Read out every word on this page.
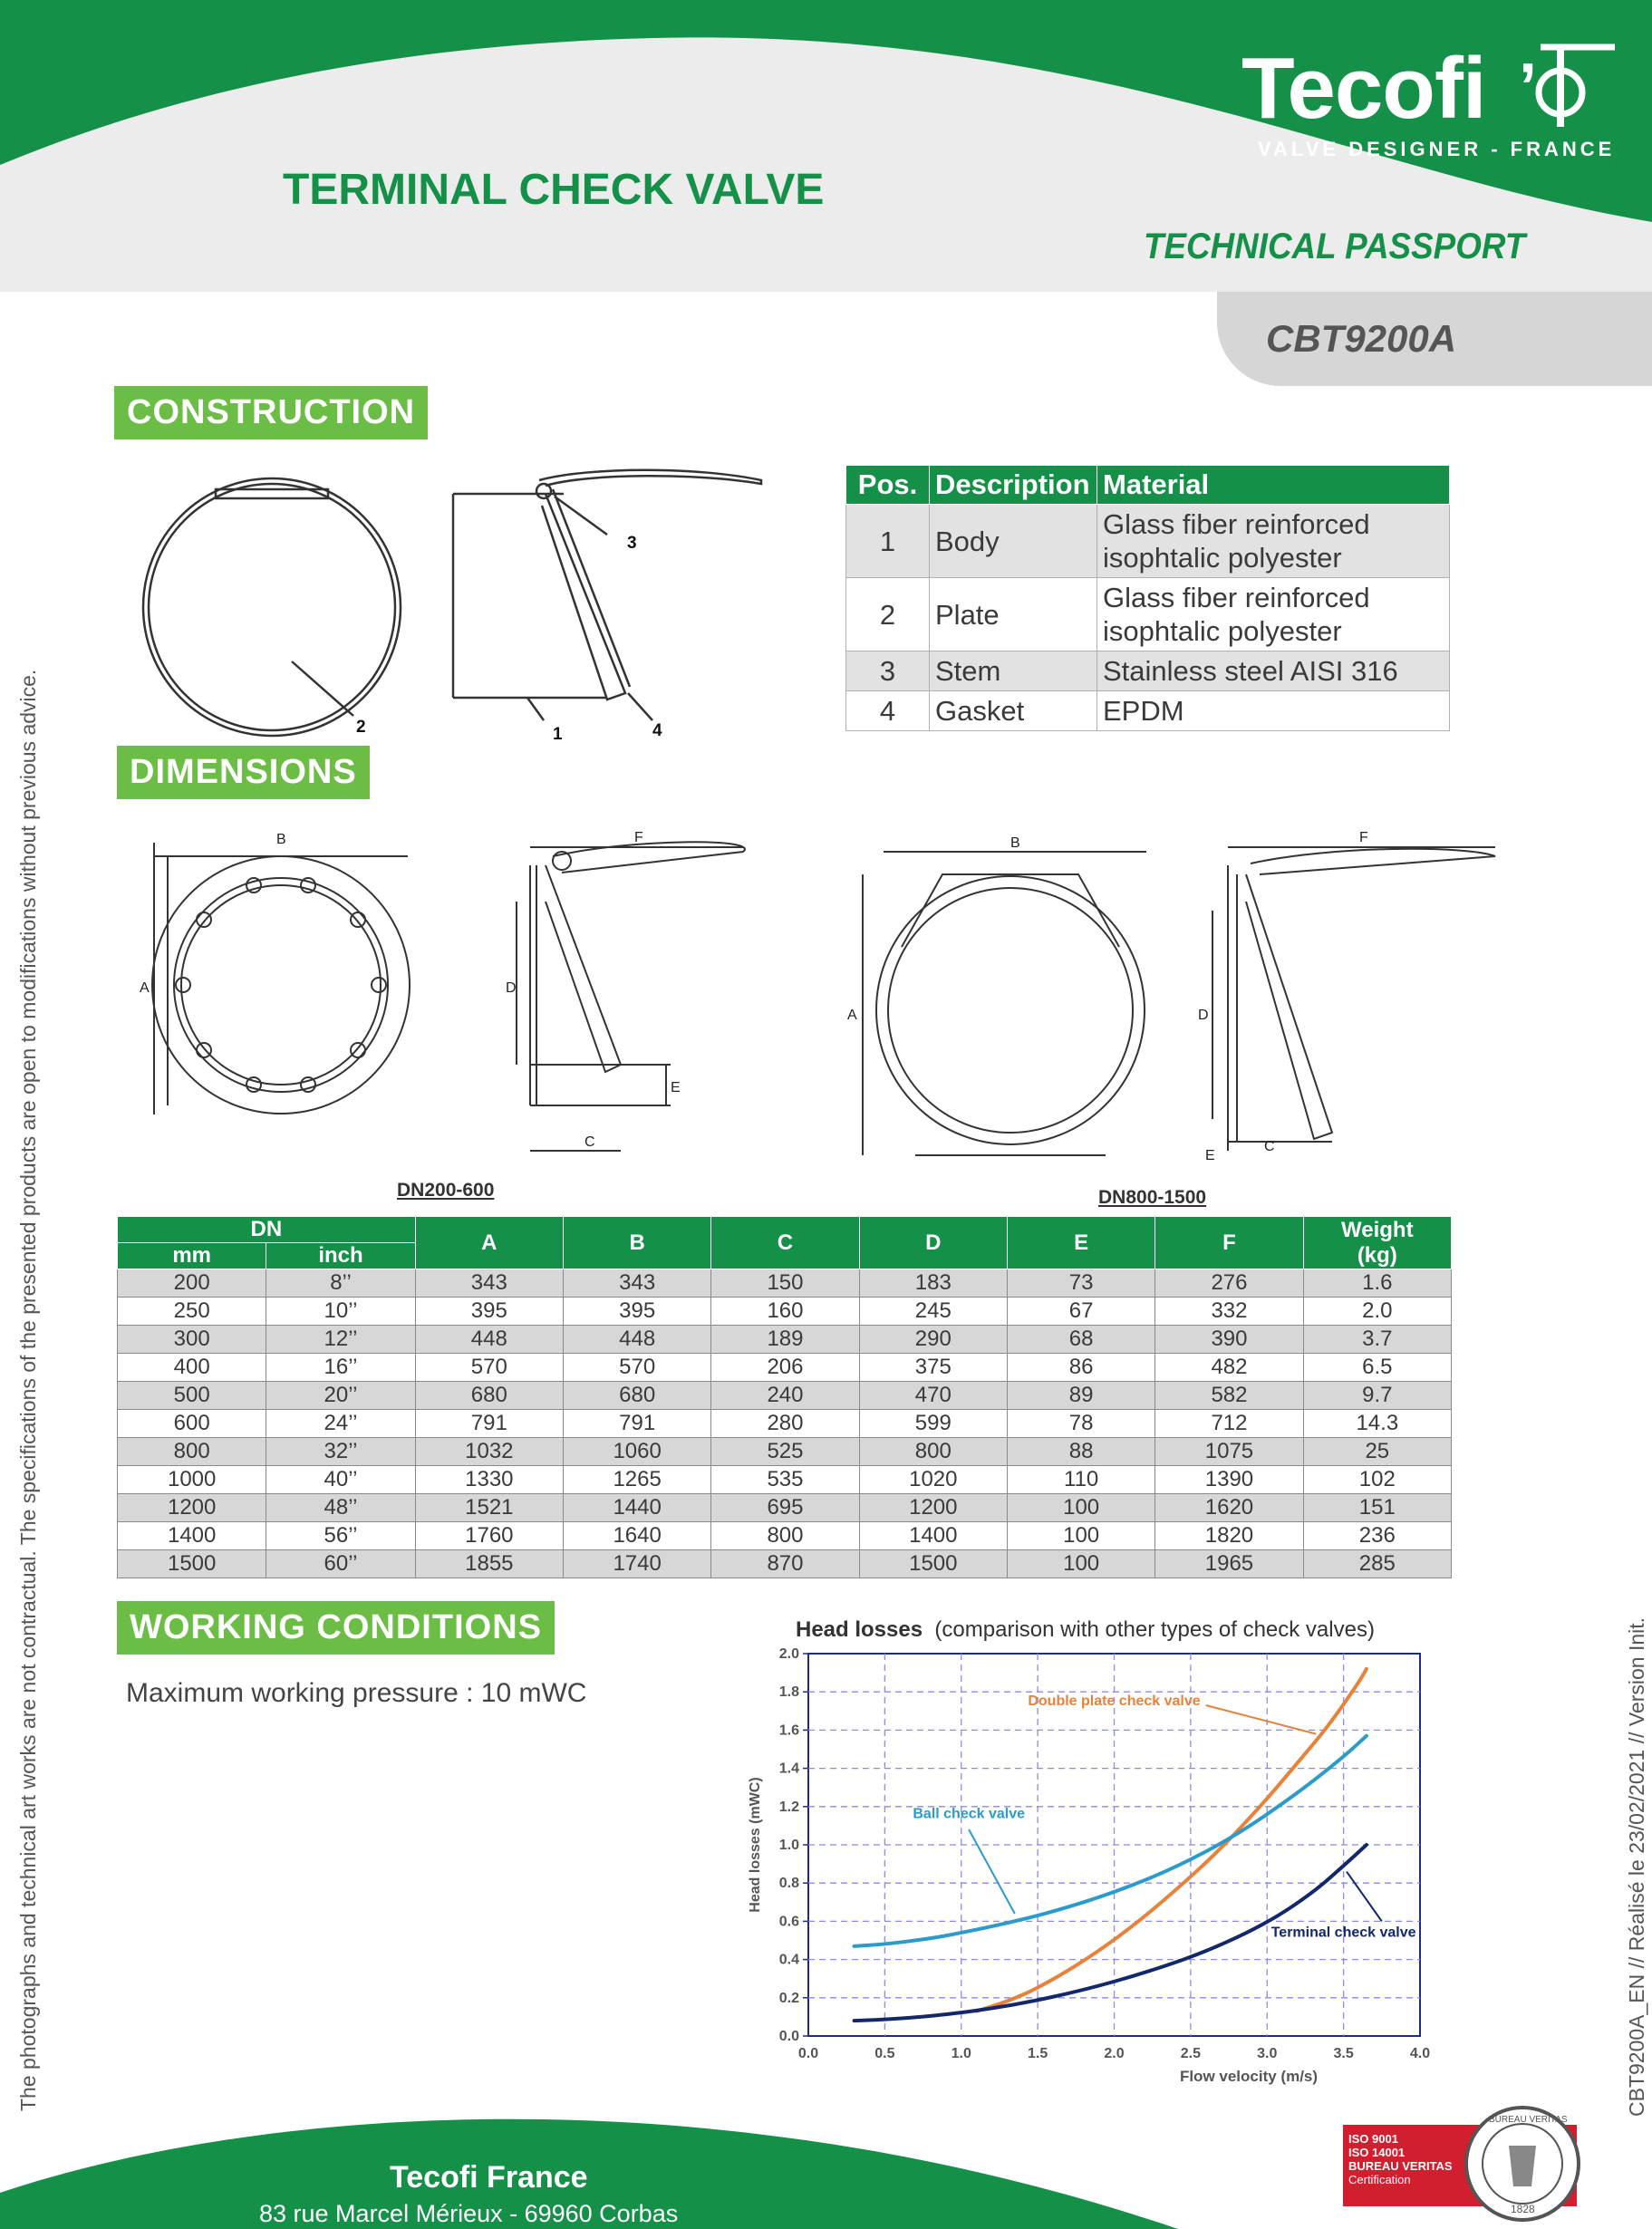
Tecofi ’
VALVE DESIGNER - FRANCE
TERMINAL CHECK VALVE
TECHNICAL PASSPORT
CBT9200A
The photographs and technical art works are not contractual. The specifications of the presented products are open to modifications without previous advice.	CBT9200A_EN // Réalisé le 23/02/2021 // Version Init.
CONSTRUCTION
2
3
1	4
Pos.	Description	Material
1	Body	Glass fiber reinforced
isophtalic polyester
2	Plate	Glass fiber reinforced
isophtalic polyester
3	Stem	Stainless steel AISI 316
4	Gasket	EPDM
DIMENSIONS
B
A
F
D
E
C
B
A
F
D
E
C
DN200-600	DN800-1500
DN		A	B	C	D	E	F	Weight
(kg)
mm	inch							
200	8’’	343	343	150	183	73	276	1.6
250	10’’	395	395	160	245	67	332	2.0
300	12’’	448	448	189	290	68	390	3.7
400	16’’	570	570	206	375	86	482	6.5
500	20’’	680	680	240	470	89	582	9.7
600	24’’	791	791	280	599	78	712	14.3
800	32’’	1032	1060	525	800	88	1075	25
1000	40’’	1330	1265	535	1020	110	1390	102
1200	48’’	1521	1440	695	1200	100	1620	151
1400	56’’	1760	1640	800	1400	100	1820	236
1500	60’’	1855	1740	870	1500	100	1965	285
WORKING CONDITIONS
Maximum working pressure : 10 mWC
Head losses (comparison with other types of check valves)
0.0	0.5	1.0	1.5	2.0	2.5	3.0	3.5	4.0
0.0
0.2
0.4
0.6
0.8
1.0
1.2
1.4
1.6
1.8
2.0
Flow velocity (m/s)
Head losses (mWC)
Double plate check valve
Ball check valve
Terminal check valve
Tecofi France
83 rue Marcel Mérieux - 69960 Corbas
ISO 9001
ISO 14001
BUREAU VERITAS
Certification
BUREAU VERITAS
1828
